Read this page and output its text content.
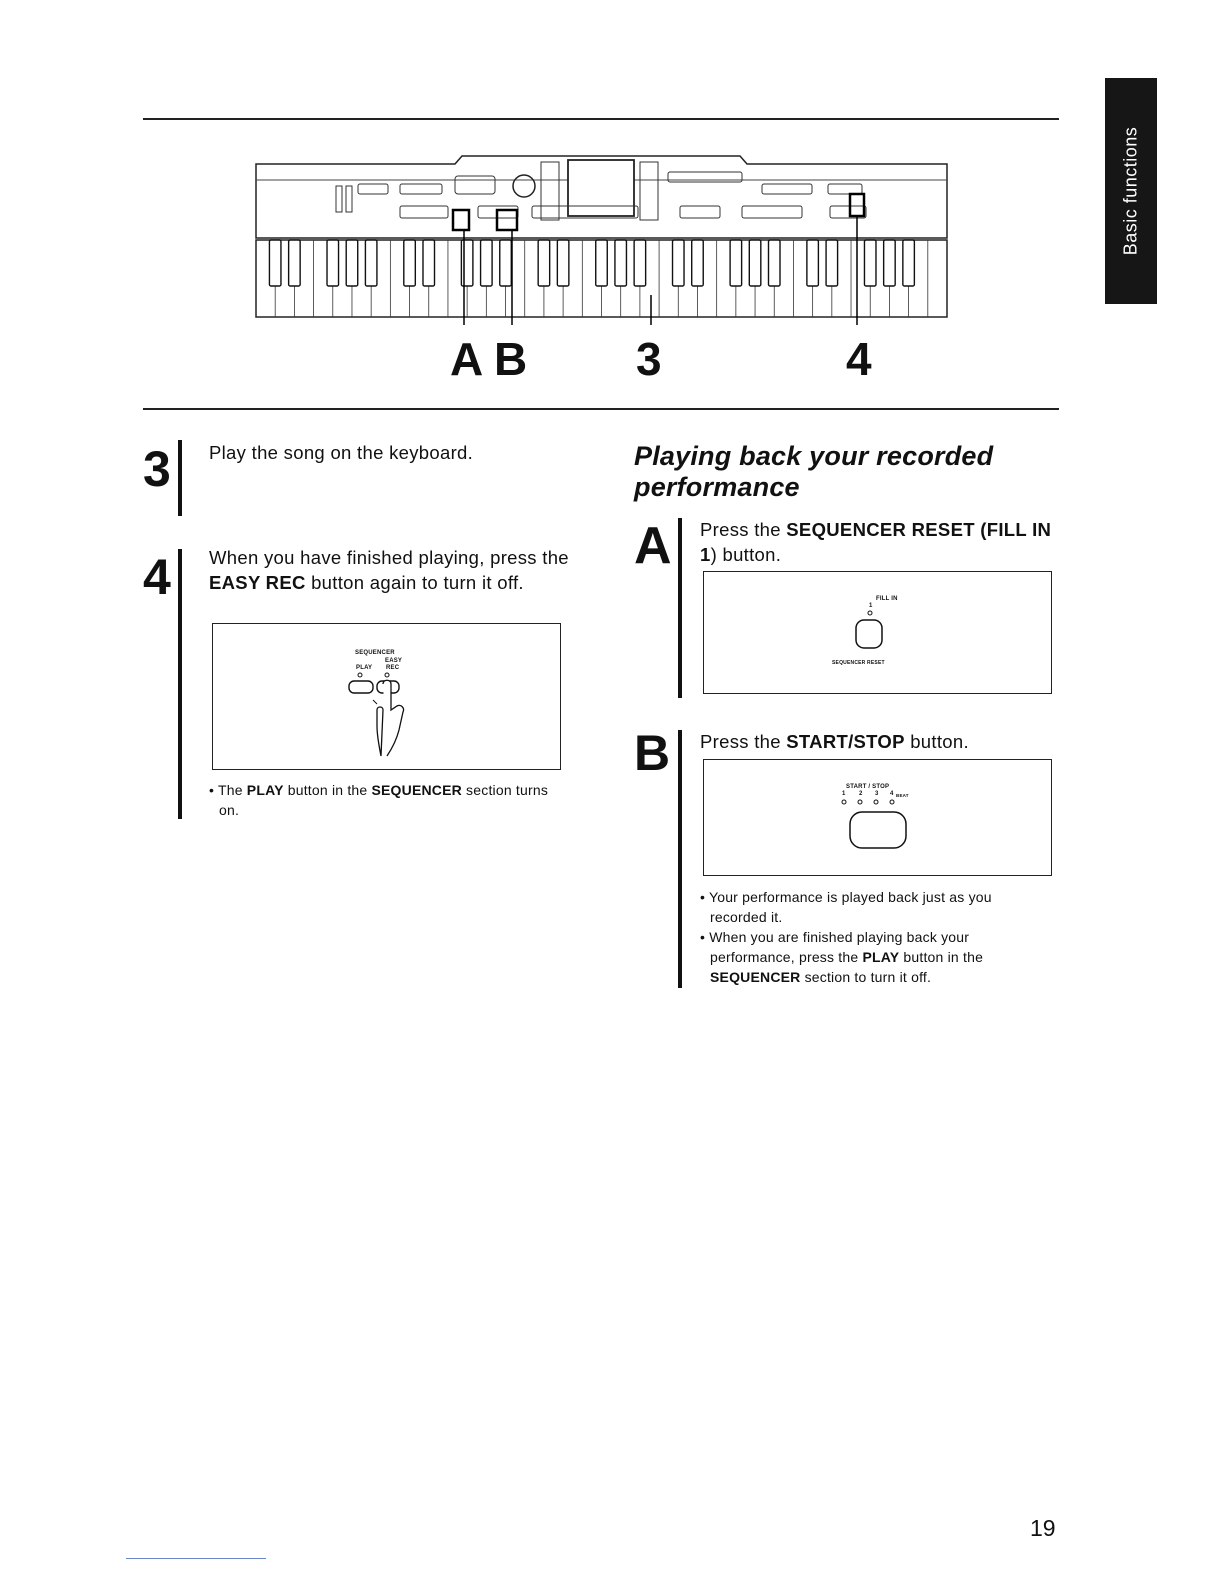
Basic functions
A B 3	4
3 Play the song on the keyboard.
4 When you have finished playing, press the EASY REC button again to turn it off.
SEQUENCER
EASY
PLAY REC
• The PLAY button in the SEQUENCER section turns on.
Playing back your recorded performance
A Press the SEQUENCER RESET (FILL IN 1) button.
FILL IN
1
SEQUENCER RESET
B Press the START/STOP button.
START / STOP
1 2 3 4 BEAT
• Your performance is played back just as you recorded it.
• When you are finished playing back your performance, press the PLAY button in the SEQUENCER section to turn it off.
19
